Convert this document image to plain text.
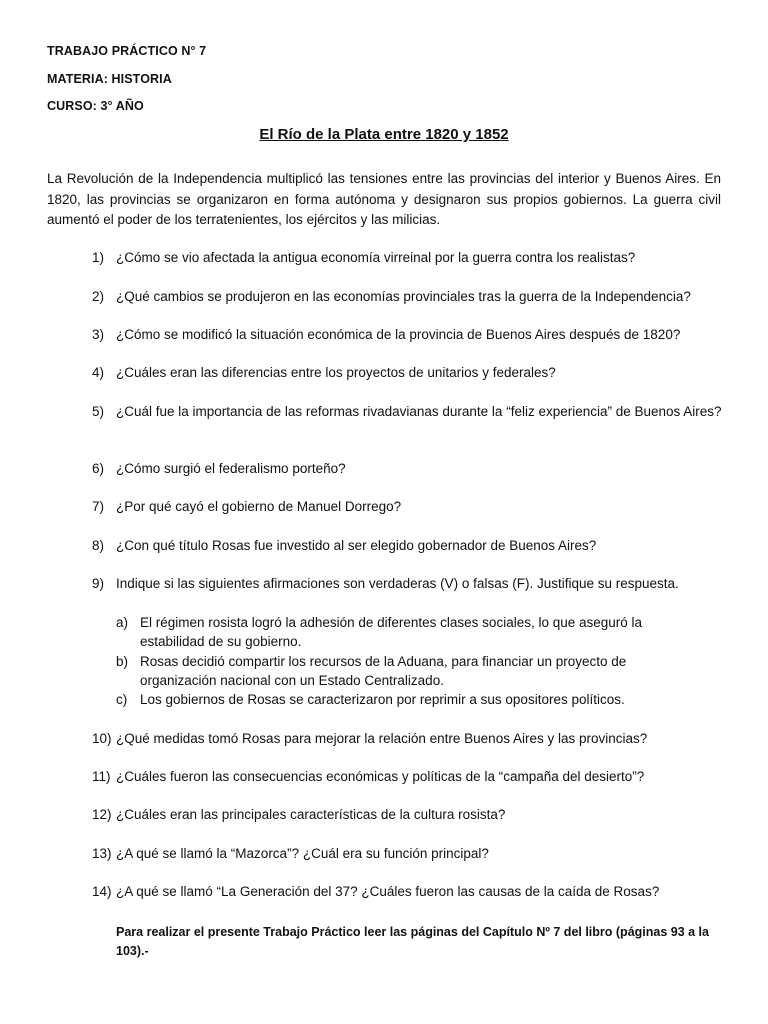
TRABAJO PRÁCTICO N° 7
MATERIA: HISTORIA
CURSO: 3° AÑO
El Río de la Plata entre 1820 y 1852

La Revolución de la Independencia multiplicó las tensiones entre las provincias del interior y Buenos Aires. En 1820, las provincias se organizaron en forma autónoma y designaron sus propios gobiernos. La guerra civil aumentó el poder de los terratenientes, los ejércitos y las milicias.

1) ¿Cómo se vio afectada la antigua economía virreinal por la guerra contra los realistas?
2) ¿Qué cambios se produjeron en las economías provinciales tras la guerra de la Independencia?
3) ¿Cómo se modificó la situación económica de la provincia de Buenos Aires después de 1820?
4) ¿Cuáles eran las diferencias entre los proyectos de unitarios y federales?
5) ¿Cuál fue la importancia de las reformas rivadavianas durante la “feliz experiencia” de Buenos Aires?
6) ¿Cómo surgió el federalismo porteño?
7) ¿Por qué cayó el gobierno de Manuel Dorrego?
8) ¿Con qué título Rosas fue investido al ser elegido gobernador de Buenos Aires?
9) Indique si las siguientes afirmaciones son verdaderas (V) o falsas (F). Justifique su respuesta.
a) El régimen rosista logró la adhesión de diferentes clases sociales, lo que aseguró la estabilidad de su gobierno.
b) Rosas decidió compartir los recursos de la Aduana, para financiar un proyecto de organización nacional con un Estado Centralizado.
c) Los gobiernos de Rosas se caracterizaron por reprimir a sus opositores políticos.
10) ¿Qué medidas tomó Rosas para mejorar la relación entre Buenos Aires y las provincias?
11) ¿Cuáles fueron las consecuencias económicas y políticas de la “campaña del desierto”?
12) ¿Cuáles eran las principales características de la cultura rosista?
13) ¿A qué se llamó la “Mazorca”? ¿Cuál era su función principal?
14) ¿A qué se llamó “La Generación del 37? ¿Cuáles fueron las causas de la caída de Rosas?
Para realizar el presente Trabajo Práctico leer las páginas del Capítulo Nº 7 del libro (páginas 93 a la 103).-
